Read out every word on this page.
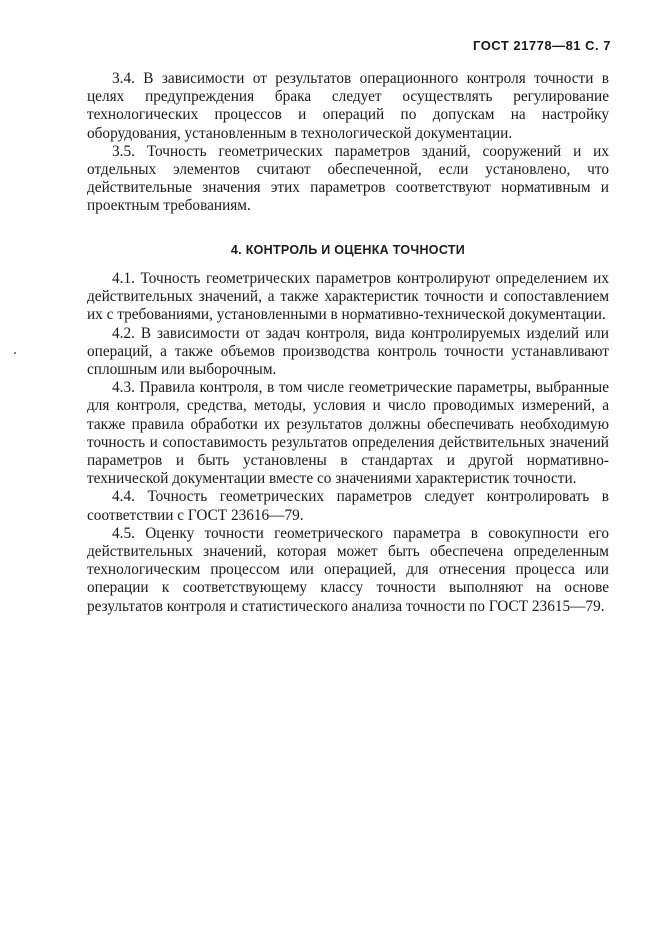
ГОСТ 21778—81 С. 7

3.4. В зависимости от результатов операционного контроля точности в целях предупреждения брака следует осуществлять регулирование технологических процессов и операций по допускам на настройку оборудования, установленным в технологической документации.

3.5. Точность геометрических параметров зданий, сооружений и их отдельных элементов считают обеспеченной, если установлено, что действительные значения этих параметров соответствуют нормативным и проектным требованиям.

4. КОНТРОЛЬ И ОЦЕНКА ТОЧНОСТИ

4.1. Точность геометрических параметров контролируют определением их действительных значений, а также характеристик точности и сопоставлением их с требованиями, установленными в нормативно-технической документации.

4.2. В зависимости от задач контроля, вида контролируемых изделий или операций, а также объемов производства контроль точности устанавливают сплошным или выборочным.

4.3. Правила контроля, в том числе геометрические параметры, выбранные для контроля, средства, методы, условия и число проводимых измерений, а также правила обработки их результатов должны обеспечивать необходимую точность и сопоставимость результатов определения действительных значений параметров и быть установлены в стандартах и другой нормативно-технической документации вместе со значениями характеристик точности.

4.4. Точность геометрических параметров следует контролировать в соответствии с ГОСТ 23616—79.

4.5. Оценку точности геометрического параметра в совокупности его действительных значений, которая может быть обеспечена определенным технологическим процессом или операцией, для отнесения процесса или операции к соответствующему классу точности выполняют на основе результатов контроля и статистического анализа точности по ГОСТ 23615—79.
